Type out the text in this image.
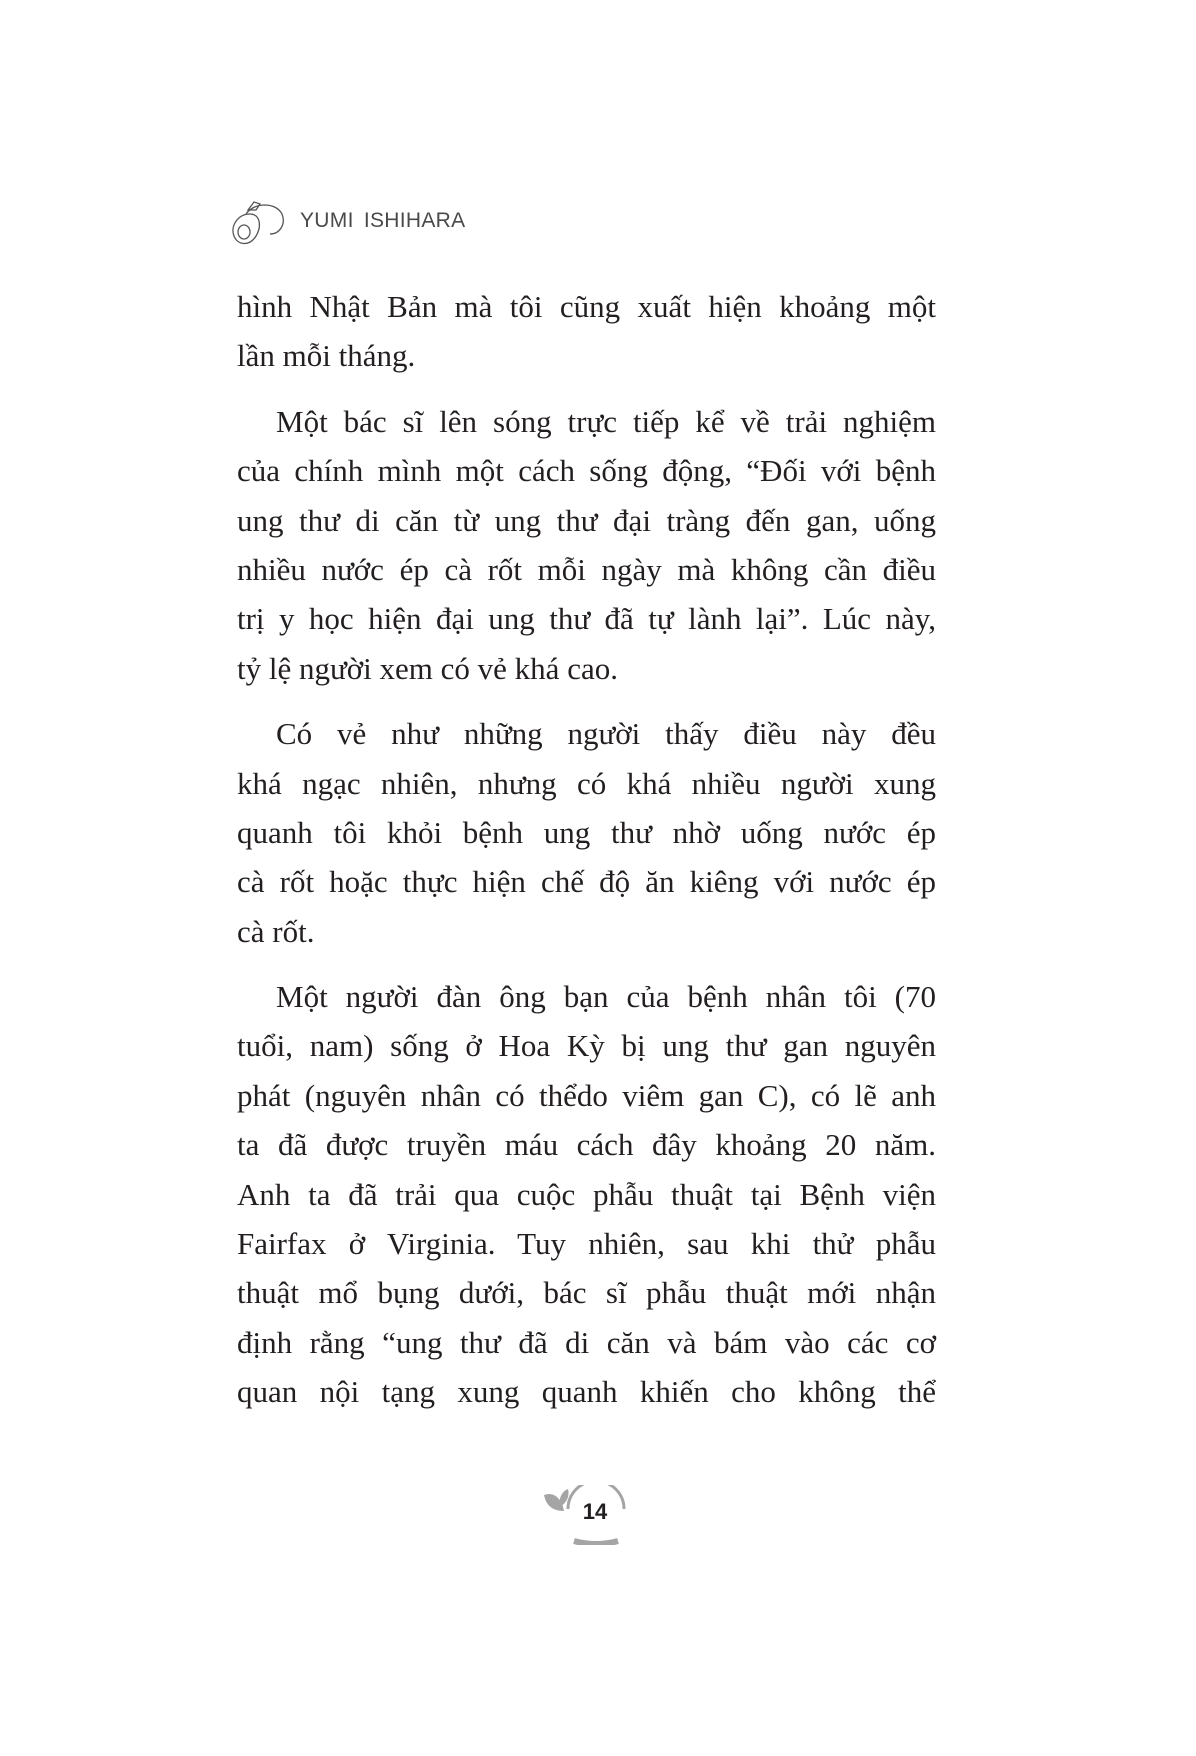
YUMI ISHIHARA
hình Nhật Bản mà tôi cũng xuất hiện khoảng một
lần mỗi tháng.
Một bác sĩ lên sóng trực tiếp kể về trải nghiệm
của chính mình một cách sống động, “Đối với bệnh
ung thư di căn từ ung thư đại tràng đến gan, uống
nhiều nước ép cà rốt mỗi ngày mà không cần điều
trị y học hiện đại ung thư đã tự lành lại”. Lúc này,
tỷ lệ người xem có vẻ khá cao.
Có vẻ như những người thấy điều này đều
khá ngạc nhiên, nhưng có khá nhiều người xung
quanh tôi khỏi bệnh ung thư nhờ uống nước ép
cà rốt hoặc thực hiện chế độ ăn kiêng với nước ép
cà rốt.
Một người đàn ông bạn của bệnh nhân tôi (70
tuổi, nam) sống ở Hoa Kỳ bị ung thư gan nguyên
phát (nguyên nhân có thểdo viêm gan C), có lẽ anh
ta đã được truyền máu cách đây khoảng 20 năm.
Anh ta đã trải qua cuộc phẫu thuật tại Bệnh viện
Fairfax ở Virginia. Tuy nhiên, sau khi thử phẫu
thuật mổ bụng dưới, bác sĩ phẫu thuật mới nhận
định rằng “ung thư đã di căn và bám vào các cơ
quan nội tạng xung quanh khiến cho không thể
14
